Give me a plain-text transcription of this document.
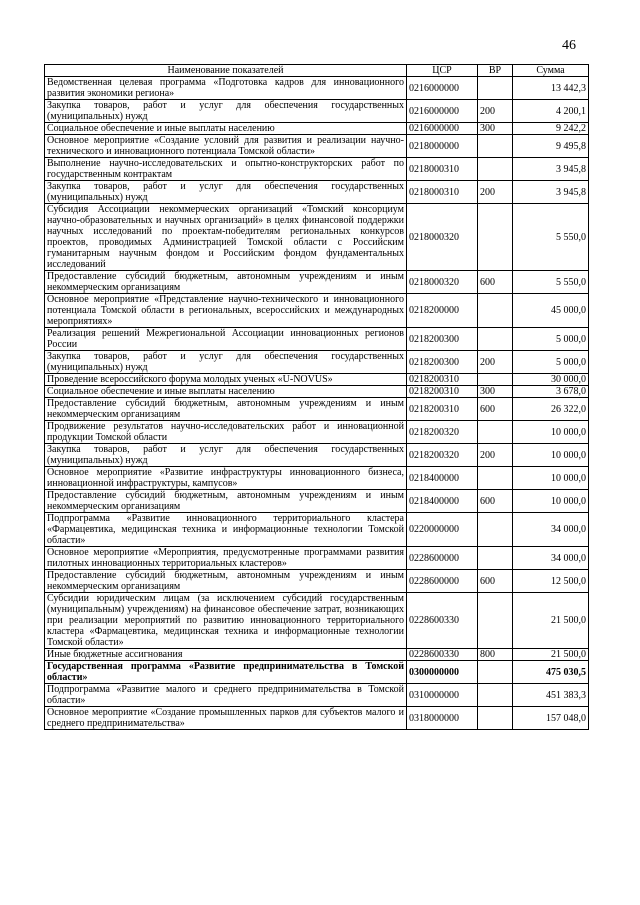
46
Наименование показателей	ЦСР	ВР	Сумма
Ведомственная целевая программа «Подготовка кадров для инновационного развития экономики региона»	0216000000		13 442,3
Закупка товаров, работ и услуг для обеспечения государственных (муниципальных) нужд	0216000000	200	4 200,1
Социальное обеспечение и иные выплаты населению	0216000000	300	9 242,2
Основное мероприятие «Создание условий для развития и реализации научно-технического и инновационного потенциала Томской области»	0218000000		9 495,8
Выполнение научно-исследовательских и опытно-конструкторских работ по государственным контрактам	0218000310		3 945,8
Закупка товаров, работ и услуг для обеспечения государственных (муниципальных) нужд	0218000310	200	3 945,8
Субсидия Ассоциации некоммерческих организаций «Томский консорциум научно-образовательных и научных организаций» в целях финансовой поддержки научных исследований по проектам-победителям региональных конкурсов проектов, проводимых Администрацией Томской области с Российским гуманитарным научным фондом и Российским фондом фундаментальных исследований	0218000320		5 550,0
Предоставление субсидий бюджетным, автономным учреждениям и иным некоммерческим организациям	0218000320	600	5 550,0
Основное мероприятие «Представление научно-технического и инновационного потенциала Томской области в региональных, всероссийских и международных мероприятиях»	0218200000		45 000,0
Реализация решений Межрегиональной Ассоциации инновационных регионов России	0218200300		5 000,0
Закупка товаров, работ и услуг для обеспечения государственных (муниципальных) нужд	0218200300	200	5 000,0
Проведение всероссийского форума молодых ученых «U-NOVUS»	0218200310		30 000,0
Социальное обеспечение и иные выплаты населению	0218200310	300	3 678,0
Предоставление субсидий бюджетным, автономным учреждениям и иным некоммерческим организациям	0218200310	600	26 322,0
Продвижение результатов научно-исследовательских работ и инновационной продукции Томской области	0218200320		10 000,0
Закупка товаров, работ и услуг для обеспечения государственных (муниципальных) нужд	0218200320	200	10 000,0
Основное мероприятие «Развитие инфраструктуры инновационного бизнеса, инновационной инфраструктуры, кампусов»	0218400000		10 000,0
Предоставление субсидий бюджетным, автономным учреждениям и иным некоммерческим организациям	0218400000	600	10 000,0
Подпрограмма «Развитие инновационного территориального кластера «Фармацевтика, медицинская техника и информационные технологии Томской области»	0220000000		34 000,0
Основное мероприятие «Мероприятия, предусмотренные программами развития пилотных инновационных территориальных кластеров»	0228600000		34 000,0
Предоставление субсидий бюджетным, автономным учреждениям и иным некоммерческим организациям	0228600000	600	12 500,0
Субсидии юридическим лицам (за исключением субсидий государственным (муниципальным) учреждениям) на финансовое обеспечение затрат, возникающих при реализации мероприятий по развитию инновационного территориального кластера «Фармацевтика, медицинская техника и информационные технологии Томской области»	0228600330		21 500,0
Иные бюджетные ассигнования	0228600330	800	21 500,0
Государственная программа «Развитие предпринимательства в Томской области»	0300000000		475 030,5
Подпрограмма «Развитие малого и среднего предпринимательства в Томской области»	0310000000		451 383,3
Основное мероприятие «Создание промышленных парков для субъектов малого и среднего предпринимательства»	0318000000		157 048,0
